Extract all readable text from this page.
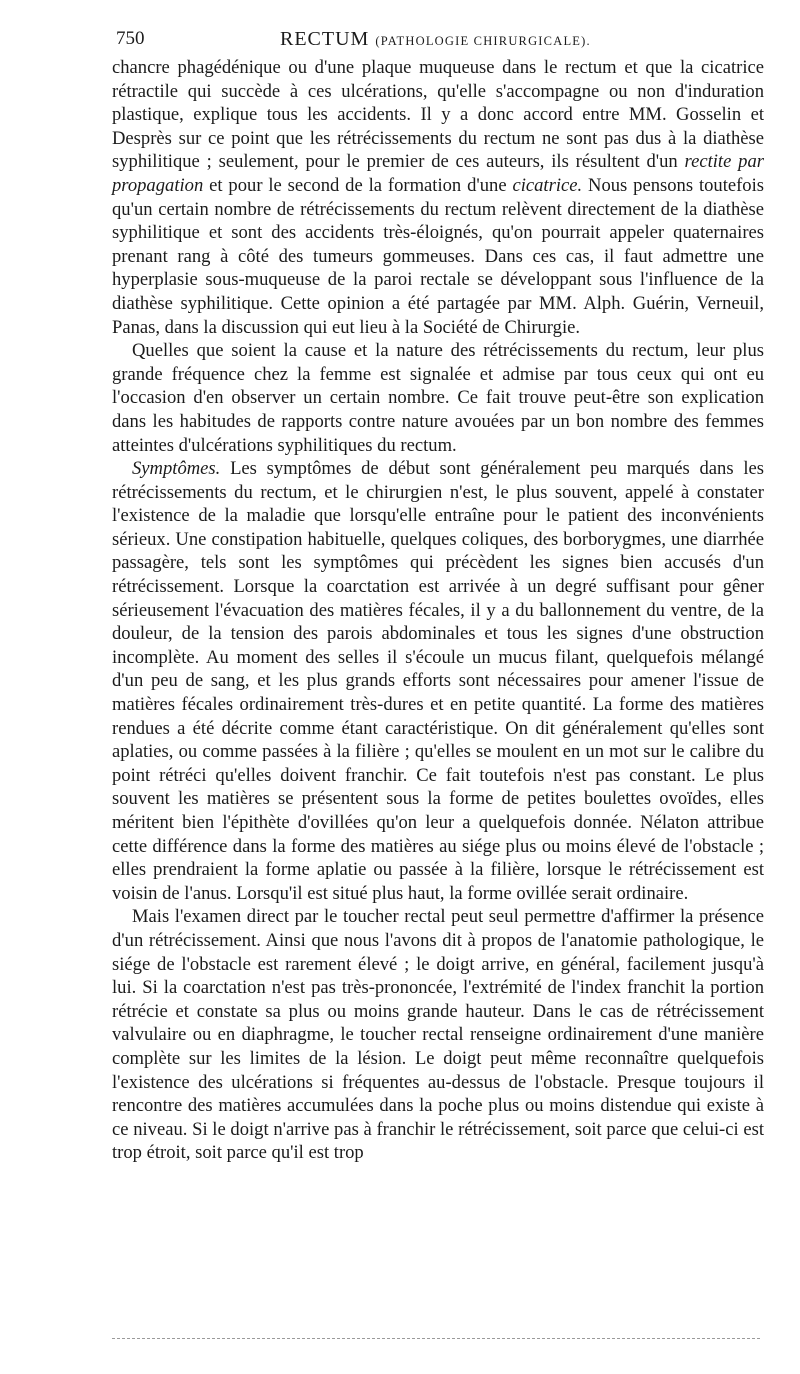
750	RECTUM (PATHOLOGIE CHIRURGICALE).

chancre phagédénique ou d'une plaque muqueuse dans le rectum et que la cicatrice rétractile qui succède à ces ulcérations, qu'elle s'accompagne ou non d'induration plastique, explique tous les accidents. Il y a donc accord entre MM. Gosselin et Desprès sur ce point que les rétrécissements du rectum ne sont pas dus à la diathèse syphilitique ; seulement, pour le premier de ces auteurs, ils résultent d'un rectite par propagation et pour le second de la formation d'une cicatrice. Nous pensons toutefois qu'un certain nombre de rétrécissements du rectum relèvent directement de la diathèse syphilitique et sont des accidents très-éloignés, qu'on pourrait appeler quaternaires prenant rang à côté des tumeurs gommeuses. Dans ces cas, il faut admettre une hyperplasie sous-muqueuse de la paroi rectale se développant sous l'influence de la diathèse syphilitique. Cette opinion a été partagée par MM. Alph. Guérin, Verneuil, Panas, dans la discussion qui eut lieu à la Société de Chirurgie.

Quelles que soient la cause et la nature des rétrécissements du rectum, leur plus grande fréquence chez la femme est signalée et admise par tous ceux qui ont eu l'occasion d'en observer un certain nombre. Ce fait trouve peut-être son explication dans les habitudes de rapports contre nature avouées par un bon nombre des femmes atteintes d'ulcérations syphilitiques du rectum.

Symptômes. Les symptômes de début sont généralement peu marqués dans les rétrécissements du rectum, et le chirurgien n'est, le plus souvent, appelé à constater l'existence de la maladie que lorsqu'elle entraîne pour le patient des inconvénients sérieux. Une constipation habituelle, quelques coliques, des borborygmes, une diarrhée passagère, tels sont les symptômes qui précèdent les signes bien accusés d'un rétrécissement. Lorsque la coarctation est arrivée à un degré suffisant pour gêner sérieusement l'évacuation des matières fécales, il y a du ballonnement du ventre, de la douleur, de la tension des parois abdominales et tous les signes d'une obstruction incomplète. Au moment des selles il s'écoule un mucus filant, quelquefois mélangé d'un peu de sang, et les plus grands efforts sont nécessaires pour amener l'issue de matières fécales ordinairement très-dures et en petite quantité. La forme des matières rendues a été décrite comme étant caractéristique. On dit généralement qu'elles sont aplaties, ou comme passées à la filière ; qu'elles se moulent en un mot sur le calibre du point rétréci qu'elles doivent franchir. Ce fait toutefois n'est pas constant. Le plus souvent les matières se présentent sous la forme de petites boulettes ovoïdes, elles méritent bien l'épithète d'ovillées qu'on leur a quelquefois donnée. Nélaton attribue cette différence dans la forme des matières au siége plus ou moins élevé de l'obstacle ; elles prendraient la forme aplatie ou passée à la filière, lorsque le rétrécissement est voisin de l'anus. Lorsqu'il est situé plus haut, la forme ovillée serait ordinaire.

Mais l'examen direct par le toucher rectal peut seul permettre d'affirmer la présence d'un rétrécissement. Ainsi que nous l'avons dit à propos de l'anatomie pathologique, le siége de l'obstacle est rarement élevé ; le doigt arrive, en général, facilement jusqu'à lui. Si la coarctation n'est pas très-prononcée, l'extrémité de l'index franchit la portion rétrécie et constate sa plus ou moins grande hauteur. Dans le cas de rétrécissement valvulaire ou en diaphragme, le toucher rectal renseigne ordinairement d'une manière complète sur les limites de la lésion. Le doigt peut même reconnaître quelquefois l'existence des ulcérations si fréquentes au-dessus de l'obstacle. Presque toujours il rencontre des matières accumulées dans la poche plus ou moins distendue qui existe à ce niveau. Si le doigt n'arrive pas à franchir le rétrécissement, soit parce que celui-ci est trop étroit, soit parce qu'il est trop
